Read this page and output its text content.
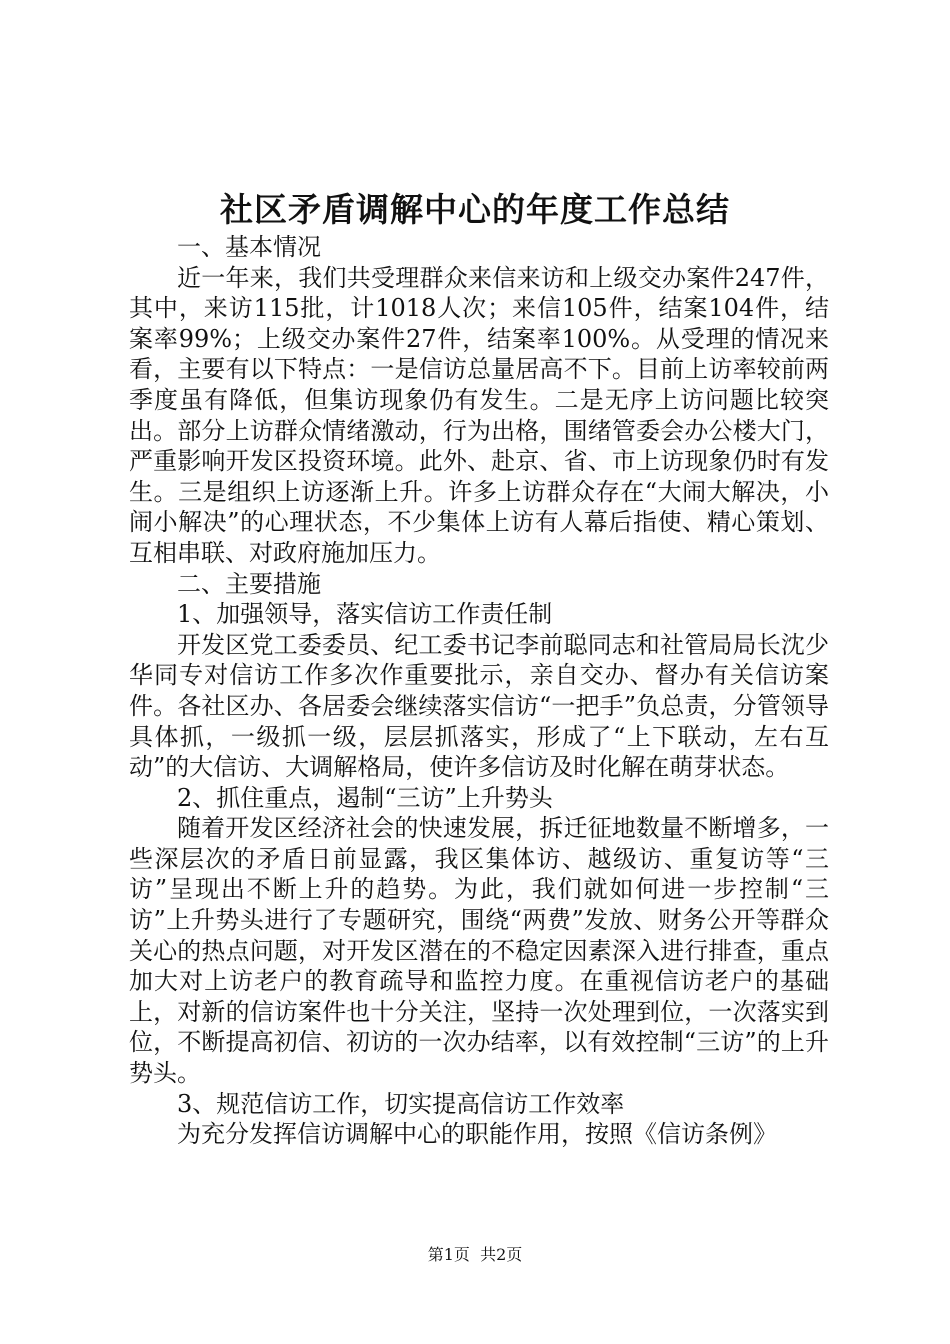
社区矛盾调解中心的年度工作总结

一、基本情况

近一年来，我们共受理群众来信来访和上级交办案件247件，其中，来访115批，计1018人次；来信105件，结案104件，结案率99%；上级交办案件27件，结案率100%。从受理的情况来看，主要有以下特点：一是信访总量居高不下。目前上访率较前两季度虽有降低，但集访现象仍有发生。二是无序上访问题比较突出。部分上访群众情绪激动，行为出格，围绪管委会办公楼大门，严重影响开发区投资环境。此外、赴京、省、市上访现象仍时有发生。三是组织上访逐渐上升。许多上访群众存在“大闹大解决，小闹小解决”的心理状态，不少集体上访有人幕后指使、精心策划、互相串联、对政府施加压力。

二、主要措施

1、加强领导，落实信访工作责任制

开发区党工委委员、纪工委书记李前聪同志和社管局局长沈少华同专对信访工作多次作重要批示，亲自交办、督办有关信访案件。各社区办、各居委会继续落实信访“一把手”负总责，分管领导具体抓，一级抓一级，层层抓落实，形成了“上下联动，左右互动”的大信访、大调解格局，使许多信访及时化解在萌芽状态。

2、抓住重点，遏制“三访”上升势头

随着开发区经济社会的快速发展，拆迁征地数量不断增多，一些深层次的矛盾日前显露，我区集体访、越级访、重复访等“三访”呈现出不断上升的趋势。为此，我们就如何进一步控制“三访”上升势头进行了专题研究，围绕“两费”发放、财务公开等群众关心的热点问题，对开发区潜在的不稳定因素深入进行排查，重点加大对上访老户的教育疏导和监控力度。在重视信访老户的基础上，对新的信访案件也十分关注，坚持一次处理到位，一次落实到位，不断提高初信、初访的一次办结率，以有效控制“三访”的上升势头。

3、规范信访工作，切实提高信访工作效率

为充分发挥信访调解中心的职能作用，按照《信访条例》

第1页  共2页
